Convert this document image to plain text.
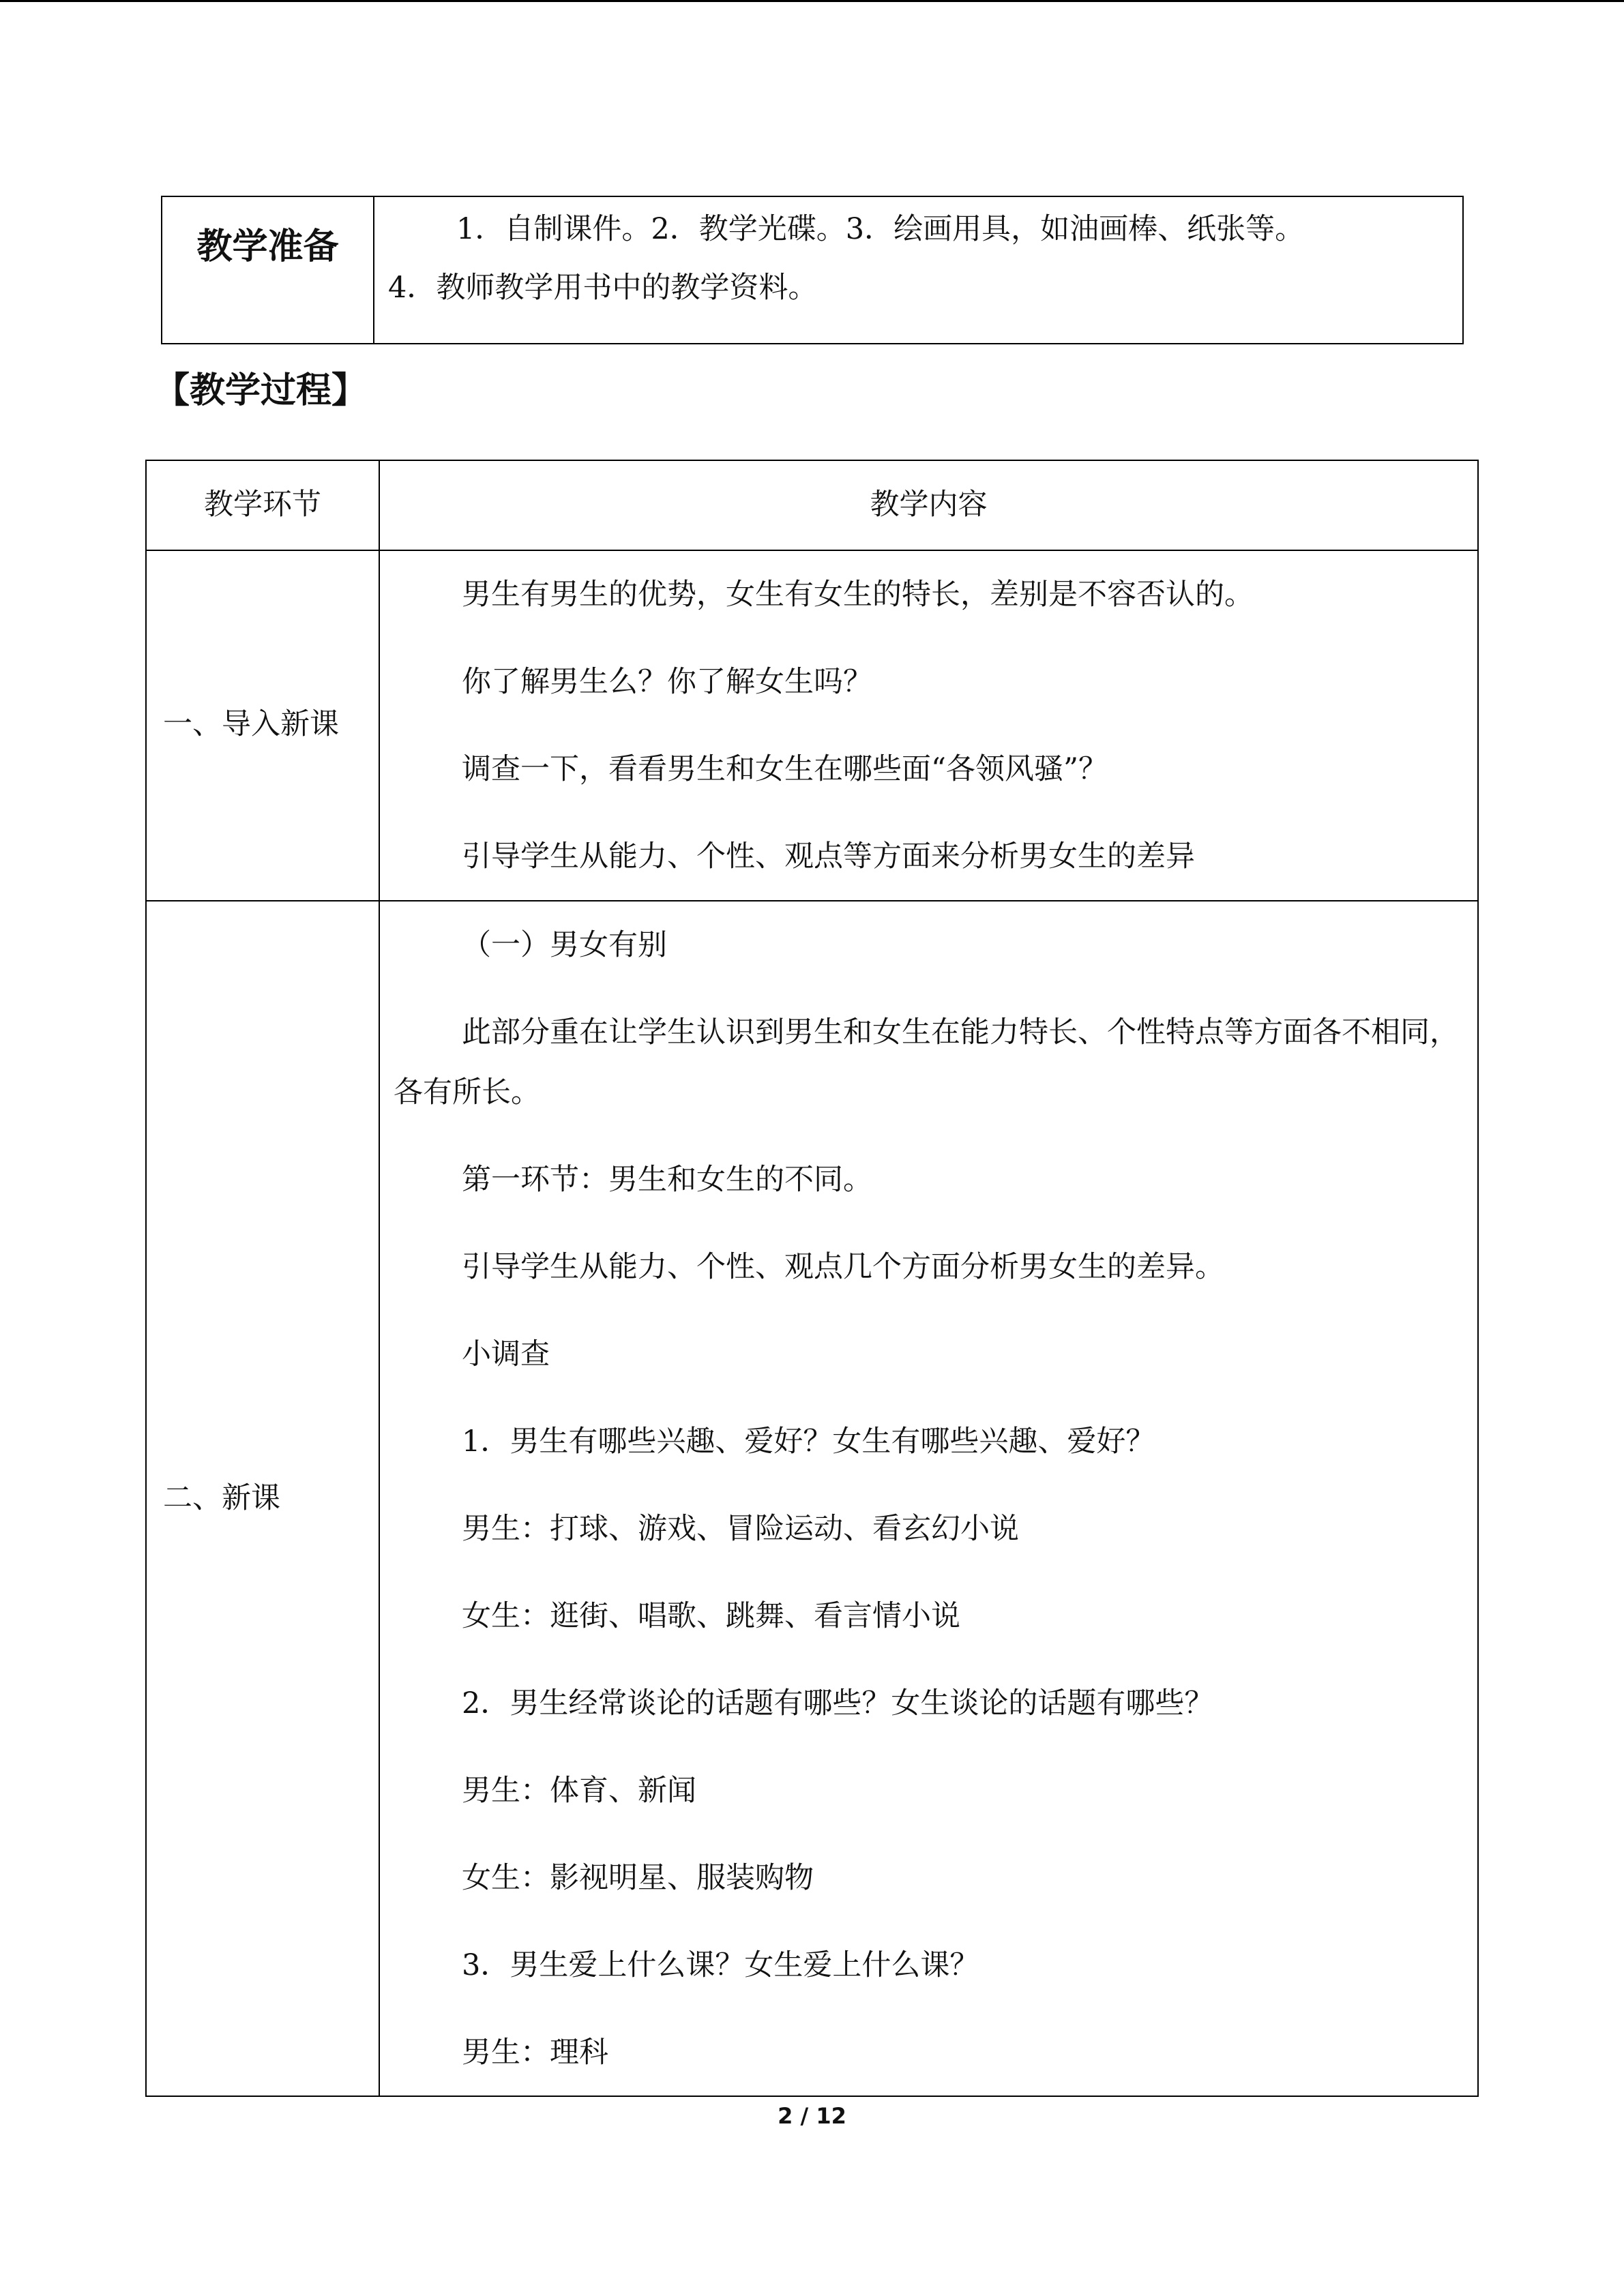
教学准备	1．自制课件。2．教学光碟。3．绘画用具，如油画棒、纸张等。
4．教师教学用书中的教学资料。
【教学过程】
教学环节	教学内容
一、导入新课

男生有男生的优势，女生有女生的特长，差别是不容否认的。

你了解男生么？你了解女生吗？

调查一下，看看男生和女生在哪些面“各领风骚”？

引导学生从能力、个性、观点等方面来分析男女生的差异

二、新课

（一）男女有别

此部分重在让学生认识到男生和女生在能力特长、个性特点等方面各不相同，各有所长。

第一环节：男生和女生的不同。

引导学生从能力、个性、观点几个方面分析男女生的差异。

小调查

1．男生有哪些兴趣、爱好？女生有哪些兴趣、爱好？

男生：打球、游戏、冒险运动、看玄幻小说

女生：逛街、唱歌、跳舞、看言情小说

2．男生经常谈论的话题有哪些？女生谈论的话题有哪些？

男生：体育、新闻

女生：影视明星、服装购物

3．男生爱上什么课？女生爱上什么课？

男生：理科

2 / 12
